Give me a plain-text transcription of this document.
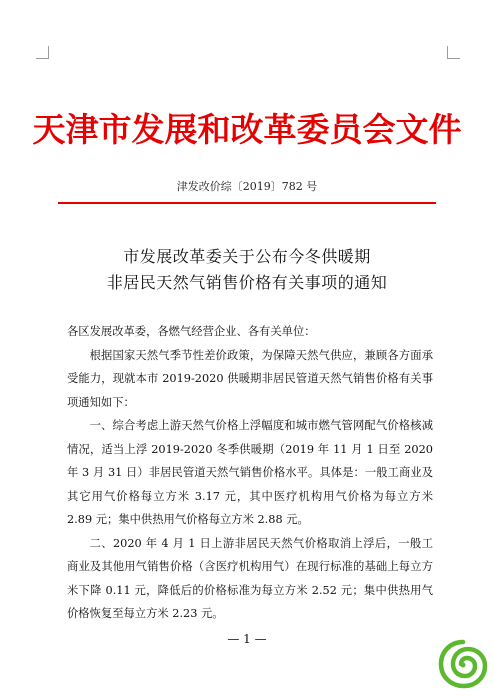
天津市发展和改革委员会文件
津发改价综〔2019〕782 号
市发展改革委关于公布今冬供暖期
非居民天然气销售价格有关事项的通知

各区发展改革委，各燃气经营企业、各有关单位：

根据国家天然气季节性差价政策，为保障天然气供应，兼顾各方面承受能力，现就本市 2019-2020 供暖期非居民管道天然气销售价格有关事项通知如下：

一、综合考虑上游天然气价格上浮幅度和城市燃气管网配气价格核减情况，适当上浮 2019-2020 冬季供暖期（2019 年 11 月 1 日至 2020 年 3 月 31 日）非居民管道天然气销售价格水平。具体是：一般工商业及其它用气价格每立方米 3.17 元，其中医疗机构用气价格为每立方米 2.89 元；集中供热用气价格每立方米 2.88 元。

二、2020 年 4 月 1 日上游非居民天然气价格取消上浮后，一般工商业及其他用气销售价格（含医疗机构用气）在现行标准的基础上每立方米下降 0.11 元，降低后的价格标准为每立方米 2.52 元；集中供热用气价格恢复至每立方米 2.23 元。

— 1 —
